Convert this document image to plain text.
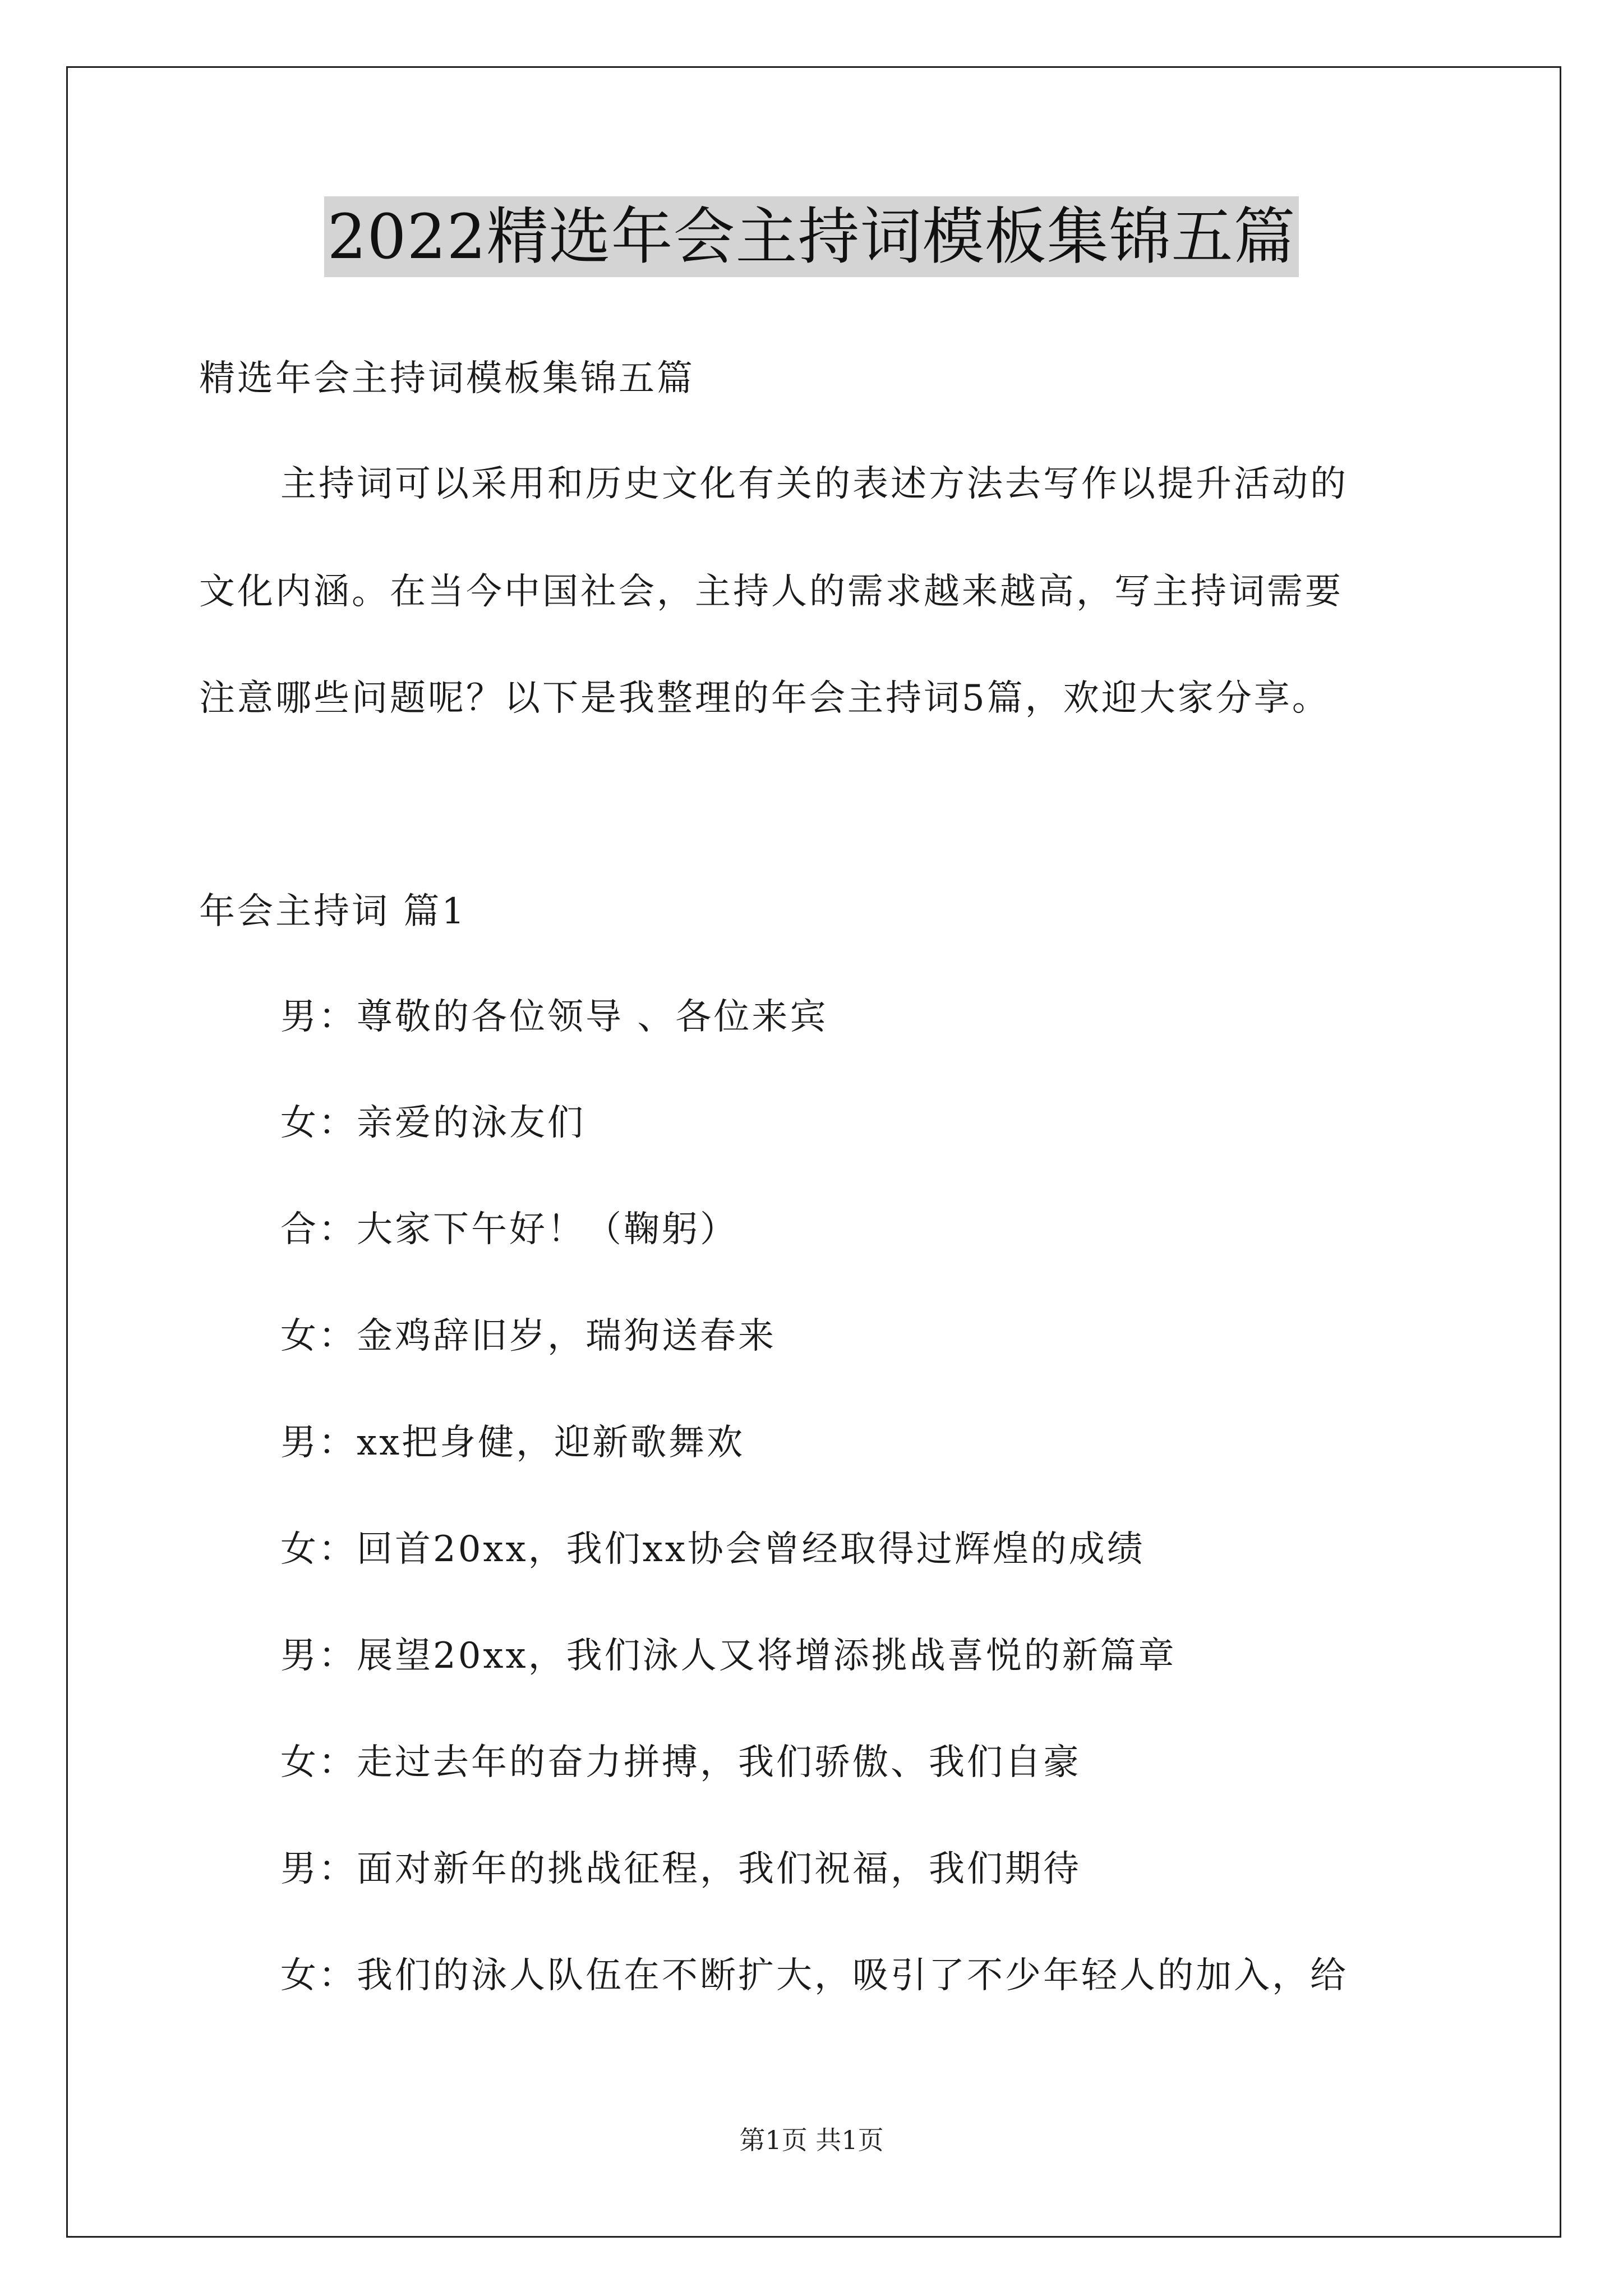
2022精选年会主持词模板集锦五篇
精选年会主持词模板集锦五篇
主持词可以采用和历史文化有关的表述方法去写作以提升活动的
文化内涵。在当今中国社会，主持人的需求越来越高，写主持词需要
注意哪些问题呢？以下是我整理的年会主持词5篇，欢迎大家分享。
年会主持词 篇1
男：尊敬的各位领导 、各位来宾
女：亲爱的泳友们
合：大家下午好！（鞠躬）
女：金鸡辞旧岁，瑞狗送春来
男：xx把身健，迎新歌舞欢
女：回首20xx，我们xx协会曾经取得过辉煌的成绩
男：展望20xx，我们泳人又将增添挑战喜悦的新篇章
女：走过去年的奋力拼搏，我们骄傲、我们自豪
男：面对新年的挑战征程，我们祝福，我们期待
女：我们的泳人队伍在不断扩大，吸引了不少年轻人的加入，给
第1页 共1页
